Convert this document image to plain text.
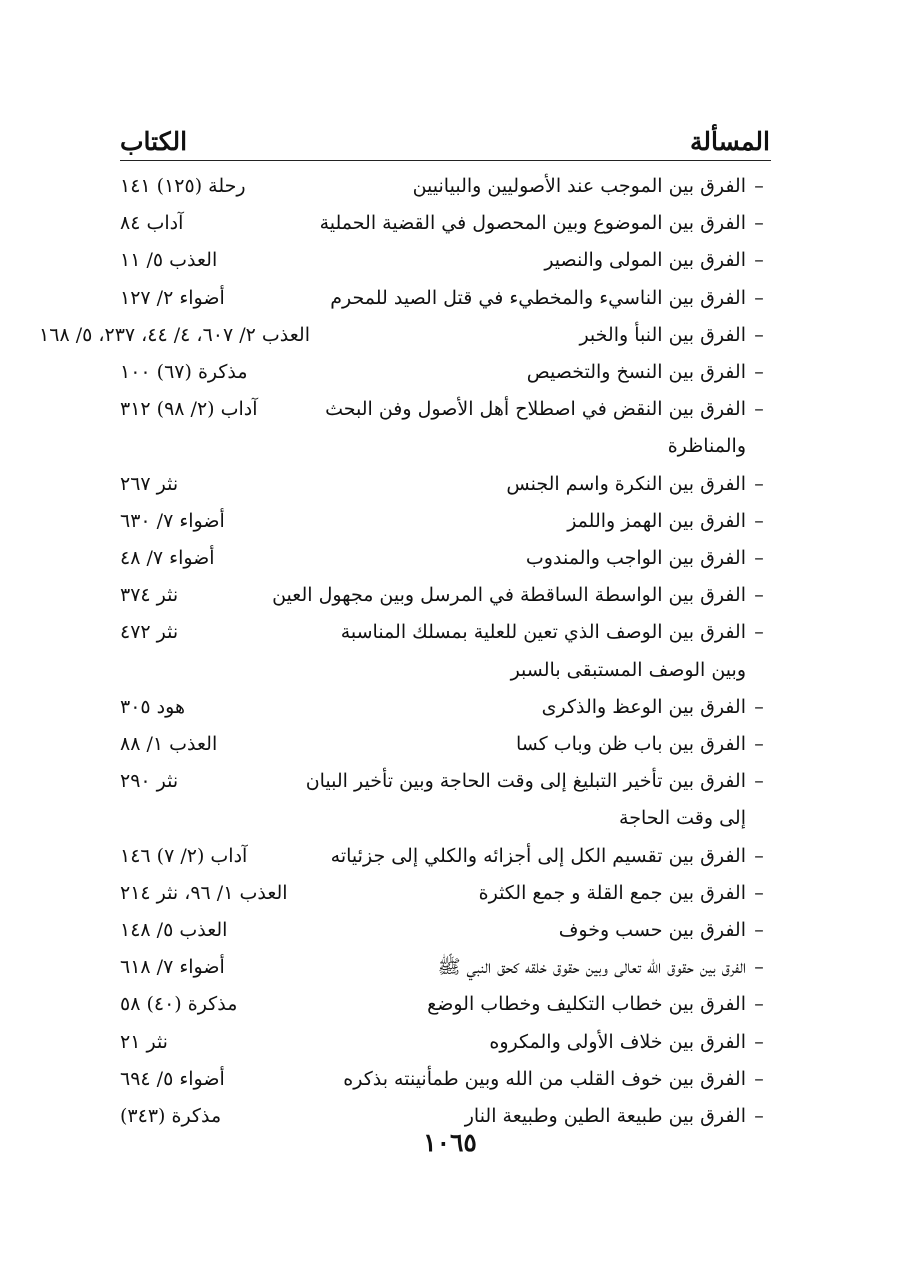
المسألة
الكتاب
–
الفرق بين الموجب عند الأصوليين والبيانيين
رحلة (١٢٥) ١٤١
–
الفرق بين الموضوع وبين المحصول في القضية الحملية
آداب ٨٤
–
الفرق بين المولى والنصير
العذب ٥/ ١١
–
الفرق بين الناسيء والمخطيء في قتل الصيد للمحرم
أضواء ٢/ ١٢٧
–
الفرق بين النبأ والخبر
العذب ٢/ ٦٠٧، ٤/ ٤٤، ٢٣٧، ٥/ ١٦٨
–
الفرق بين النسخ والتخصيص
مذكرة (٦٧) ١٠٠
–
الفرق بين النقض في اصطلاح أهل الأصول وفن البحث والمناظرة
آداب (٢/ ٩٨) ٣١٢
–
الفرق بين النكرة واسم الجنس
نثر ٢٦٧
–
الفرق بين الهمز واللمز
أضواء ٧/ ٦٣٠
–
الفرق بين الواجب والمندوب
أضواء ٧/ ٤٨
–
الفرق بين الواسطة الساقطة في المرسل وبين مجهول العين
نثر ٣٧٤
–
الفرق بين الوصف الذي تعين للعلية بمسلك المناسبة
وبين الوصف المستبقى بالسبر
نثر ٤٧٢
–
الفرق بين الوعظ والذكرى
هود ٣٠٥
–
الفرق بين باب ظن وباب كسا
العذب ١/ ٨٨
–
الفرق بين تأخير التبليغ إلى وقت الحاجة وبين تأخير البيان
إلى وقت الحاجة
نثر ٢٩٠
–
الفرق بين تقسيم الكل إلى أجزائه والكلي إلى جزئياته
آداب (٢/ ٧) ١٤٦
–
الفرق بين جمع القلة و جمع الكثرة
العذب ١/ ٩٦، نثر ٢١٤
–
الفرق بين حسب وخوف
العذب ٥/ ١٤٨
–
الفرق بين حقوق الله تعالى وبين حقوق خلقه كحق النبي ﷺ
أضواء ٧/ ٦١٨
–
الفرق بين خطاب التكليف وخطاب الوضع
مذكرة (٤٠) ٥٨
–
الفرق بين خلاف الأولى والمكروه
نثر ٢١
–
الفرق بين خوف القلب من الله وبين طمأنينته بذكره
أضواء ٥/ ٦٩٤
–
الفرق بين طبيعة الطين وطبيعة النار
مذكرة (٣٤٣)
١٠٦٥
